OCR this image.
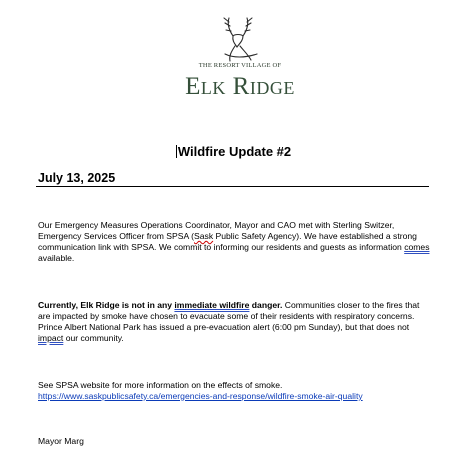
THE RESORT VILLAGE OF
Elk Ridge
Wildfire Update #2
July 13, 2025
Our Emergency Measures Operations Coordinator, Mayor and CAO met with Sterling Switzer, Emergency Services Officer from SPSA (Sask Public Safety Agency). We have established a strong communication link with SPSA. We commit to informing our residents and guests as information comes available.
Currently, Elk Ridge is not in any immediate wildfire danger. Communities closer to the fires that are impacted by smoke have chosen to evacuate some of their residents with respiratory concerns. Prince Albert National Park has issued a pre-evacuation alert (6:00 pm Sunday), but that does not impact our community.
See SPSA website for more information on the effects of smoke.
https://www.saskpublicsafety.ca/emergencies-and-response/wildfire-smoke-air-quality
Mayor Marg
